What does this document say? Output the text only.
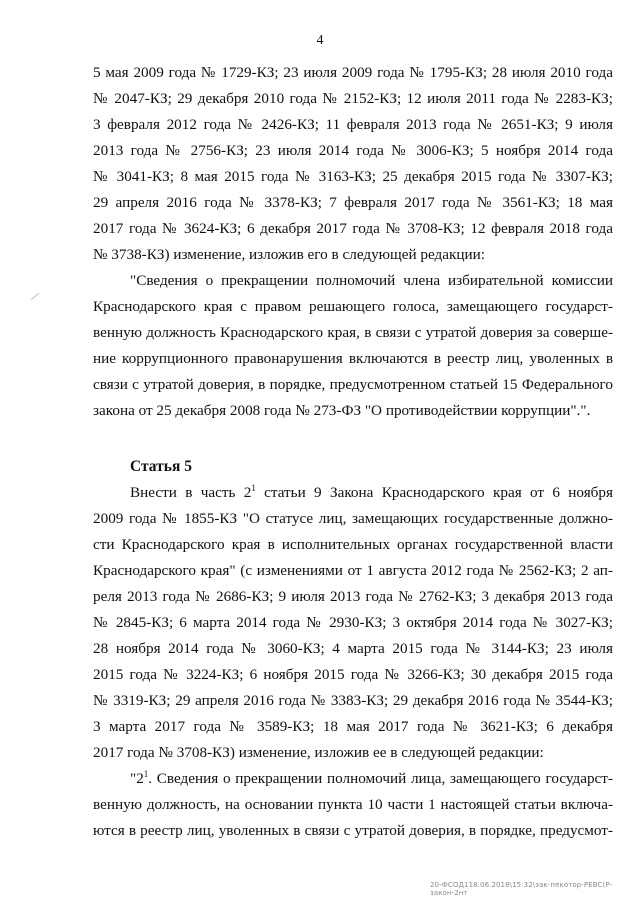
4
5 мая 2009 года № 1729-КЗ; 23 июля 2009 года № 1795-КЗ; 28 июля 2010 года
№ 2047-КЗ; 29 декабря 2010 года № 2152-КЗ; 12 июля 2011 года № 2283-КЗ;
3 февраля 2012 года № 2426-КЗ; 11 февраля 2013 года № 2651-КЗ; 9 июля
2013 года № 2756-КЗ; 23 июля 2014 года № 3006-КЗ; 5 ноября 2014 года
№ 3041-КЗ; 8 мая 2015 года № 3163-КЗ; 25 декабря 2015 года № 3307-КЗ;
29 апреля 2016 года № 3378-КЗ; 7 февраля 2017 года № 3561-КЗ; 18 мая
2017 года № 3624-КЗ; 6 декабря 2017 года № 3708-КЗ; 12 февраля 2018 года
№ 3738-КЗ) изменение, изложив его в следующей редакции:
"Сведения о прекращении полномочий члена избирательной комиссии
Краснодарского края с правом решающего голоса, замещающего государст-
венную должность Краснодарского края, в связи с утратой доверия за соверше-
ние коррупционного правонарушения включаются в реестр лиц, уволенных в
связи с утратой доверия, в порядке, предусмотренном статьей 15 Федерального
закона от 25 декабря 2008 года № 273-ФЗ "О противодействии коррупции".".
Статья 5
Внести в часть $2^1$ статьи 9 Закона Краснодарского края от 6 ноября
2009 года № 1855-КЗ "О статусе лиц, замещающих государственные должно-
сти Краснодарского края в исполнительных органах государственной власти
Краснодарского края" (с изменениями от 1 августа 2012 года № 2562-КЗ; 2 ап-
реля 2013 года № 2686-КЗ; 9 июля 2013 года № 2762-КЗ; 3 декабря 2013 года
№ 2845-КЗ; 6 марта 2014 года № 2930-КЗ; 3 октября 2014 года № 3027-КЗ;
28 ноября 2014 года № 3060-КЗ; 4 марта 2015 года № 3144-КЗ; 23 июля
2015 года № 3224-КЗ; 6 ноября 2015 года № 3266-КЗ; 30 декабря 2015 года
№ 3319-КЗ; 29 апреля 2016 года № 3383-КЗ; 29 декабря 2016 года № 3544-КЗ;
3 марта 2017 года № 3589-КЗ; 18 мая 2017 года № 3621-КЗ; 6 декабря
2017 года № 3708-КЗ) изменение, изложив ее в следующей редакции:
"$2^1$. Сведения о прекращении полномочий лица, замещающего государст-
венную должность, на основании пункта 10 части 1 настоящей статьи включа-
ются в реестр лиц, уволенных в связи с утратой доверия, в порядке, предусмот-
20-ФСОД118.06.2018\15:32\зак-пекотор-РЕВС(Р-закон-2нт
